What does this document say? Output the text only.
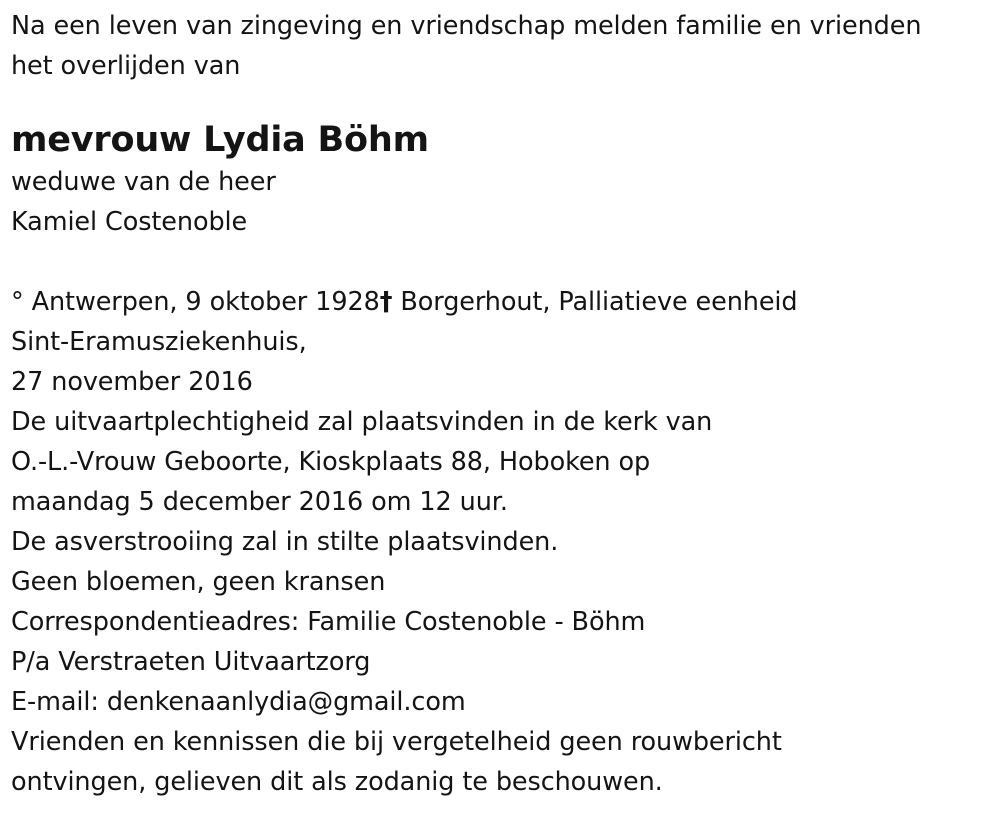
Na een leven van zingeving en vriendschap melden familie en vrienden
het overlijden van
mevrouw Lydia Böhm
weduwe van de heer
Kamiel Costenoble
° Antwerpen, 9 oktober 1928† Borgerhout, Palliatieve eenheid
Sint-Eramusziekenhuis,
27 november 2016
De uitvaartplechtigheid zal plaatsvinden in de kerk van
O.-L.-Vrouw Geboorte, Kioskplaats 88, Hoboken op
maandag 5 december 2016 om 12 uur.
De asverstrooiing zal in stilte plaatsvinden.
Geen bloemen, geen kransen
Correspondentieadres: Familie Costenoble - Böhm
P/a Verstraeten Uitvaartzorg
E-mail: denkenaanlydia@gmail.com
Vrienden en kennissen die bij vergetelheid geen rouwbericht
ontvingen, gelieven dit als zodanig te beschouwen.
